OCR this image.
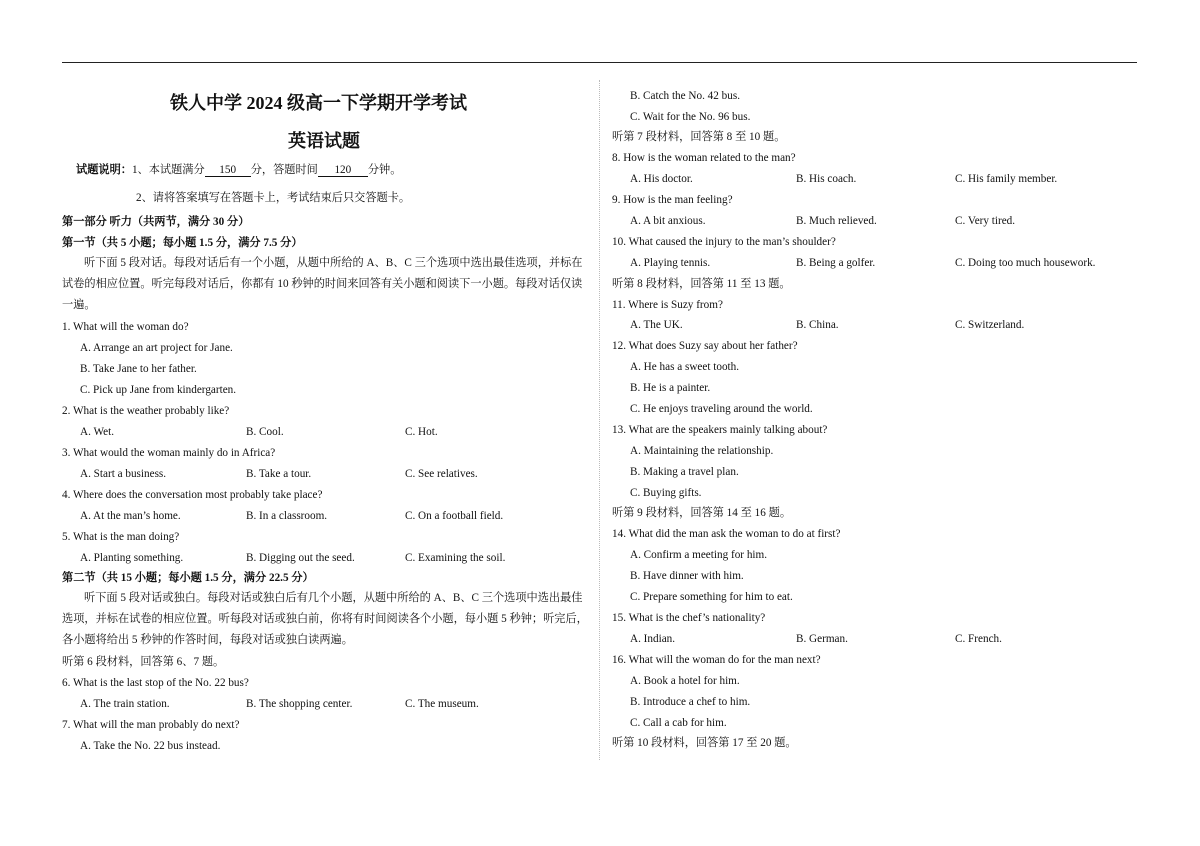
铁人中学 2024 级高一下学期开学考试
英语试题
试题说明：1、本试题满分 150 分，答题时间 120 分钟。
2、请将答案填写在答题卡上，考试结束后只交答题卡。
第一部分 听力（共两节，满分 30 分）
第一节（共 5 小题；每小题 1.5 分，满分 7.5 分）
听下面 5 段对话。每段对话后有一个小题，从题中所给的 A、B、C 三个选项中选出最佳选项，并标在试卷的相应位置。听完每段对话后，你都有 10 秒钟的时间来回答有关小题和阅读下一小题。每段对话仅读一遍。
1. What will the woman do?
A. Arrange an art project for Jane.
B. Take Jane to her father.
C. Pick up Jane from kindergarten.
2. What is the weather probably like?
A. Wet.	B. Cool.	C. Hot.
3. What would the woman mainly do in Africa?
A. Start a business.	B. Take a tour.	C. See relatives.
4. Where does the conversation most probably take place?
A. At the man’s home.	B. In a classroom.	C. On a football field.
5. What is the man doing?
A. Planting something.	B. Digging out the seed.	C. Examining the soil.
第二节（共 15 小题；每小题 1.5 分，满分 22.5 分）
听下面 5 段对话或独白。每段对话或独白后有几个小题，从题中所给的 A、B、C 三个选项中选出最佳选项，并标在试卷的相应位置。听每段对话或独白前，你将有时间阅读各个小题，每小题 5 秒钟；听完后，各小题将给出 5 秒钟的作答时间，每段对话或独白读两遍。
听第 6 段材料，回答第 6、7 题。
6. What is the last stop of the No. 22 bus?
A. The train station.	B. The shopping center.	C. The museum.
7. What will the man probably do next?
A. Take the No. 22 bus instead.
B. Catch the No. 42 bus.
C. Wait for the No. 96 bus.
听第 7 段材料，回答第 8 至 10 题。
8. How is the woman related to the man?
A. His doctor.	B. His coach.	C. His family member.
9. How is the man feeling?
A. A bit anxious.	B. Much relieved.	C. Very tired.
10. What caused the injury to the man’s shoulder?
A. Playing tennis.	B. Being a golfer.	C. Doing too much housework.
听第 8 段材料，回答第 11 至 13 题。
11. Where is Suzy from?
A. The UK.	B. China.	C. Switzerland.
12. What does Suzy say about her father?
A. He has a sweet tooth.
B. He is a painter.
C. He enjoys traveling around the world.
13. What are the speakers mainly talking about?
A. Maintaining the relationship.
B. Making a travel plan.
C. Buying gifts.
听第 9 段材料，回答第 14 至 16 题。
14. What did the man ask the woman to do at first?
A. Confirm a meeting for him.
B. Have dinner with him.
C. Prepare something for him to eat.
15. What is the chef’s nationality?
A. Indian.	B. German.	C. French.
16. What will the woman do for the man next?
A. Book a hotel for him.
B. Introduce a chef to him.
C. Call a cab for him.
听第 10 段材料，回答第 17 至 20 题。
